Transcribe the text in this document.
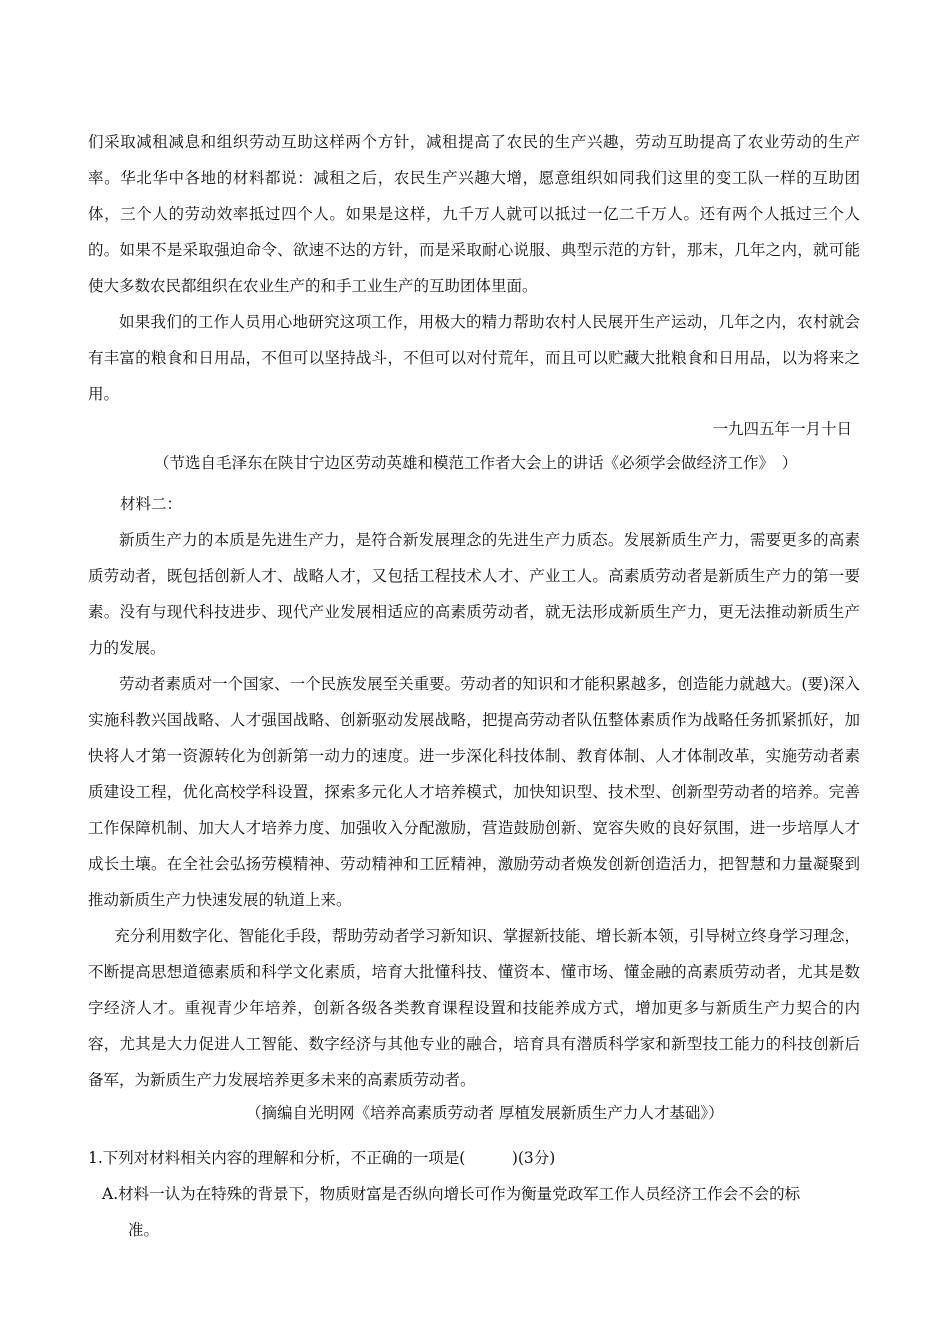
们采取减租减息和组织劳动互助这样两个方针，减租提高了农民的生产兴趣，劳动互助提高了农业劳动的生产率。华北华中各地的材料都说：减租之后，农民生产兴趣大增，愿意组织如同我们这里的变工队一样的互助团体，三个人的劳动效率抵过四个人。如果是这样，九千万人就可以抵过一亿二千万人。还有两个人抵过三个人的。如果不是采取强迫命令、欲速不达的方针，而是采取耐心说服、典型示范的方针，那末，几年之内，就可能使大多数农民都组织在农业生产的和手工业生产的互助团体里面。

如果我们的工作人员用心地研究这项工作，用极大的精力帮助农村人民展开生产运动，几年之内，农村就会有丰富的粮食和日用品，不但可以坚持战斗，不但可以对付荒年，而且可以贮藏大批粮食和日用品，以为将来之用。

一九四五年一月十日

（节选自毛泽东在陕甘宁边区劳动英雄和模范工作者大会上的讲话《必须学会做经济工作》　）

材料二：

新质生产力的本质是先进生产力，是符合新发展理念的先进生产力质态。发展新质生产力，需要更多的高素质劳动者，既包括创新人才、战略人才，又包括工程技术人才、产业工人。高素质劳动者是新质生产力的第一要素。没有与现代科技进步、现代产业发展相适应的高素质劳动者，就无法形成新质生产力，更无法推动新质生产力的发展。

劳动者素质对一个国家、一个民族发展至关重要。劳动者的知识和才能积累越多，创造能力就越大。(要)深入实施科教兴国战略、人才强国战略、创新驱动发展战略，把提高劳动者队伍整体素质作为战略任务抓紧抓好，加快将人才第一资源转化为创新第一动力的速度。进一步深化科技体制、教育体制、人才体制改革，实施劳动者素质建设工程，优化高校学科设置，探索多元化人才培养模式，加快知识型、技术型、创新型劳动者的培养。完善工作保障机制、加大人才培养力度、加强收入分配激励，营造鼓励创新、宽容失败的良好氛围，进一步培厚人才成长土壤。在全社会弘扬劳模精神、劳动精神和工匠精神，激励劳动者焕发创新创造活力，把智慧和力量凝聚到推动新质生产力快速发展的轨道上来。

充分利用数字化、智能化手段，帮助劳动者学习新知识、掌握新技能、增长新本领，引导树立终身学习理念，不断提高思想道德素质和科学文化素质，培育大批懂科技、懂资本、懂市场、懂金融的高素质劳动者，尤其是数字经济人才。重视青少年培养，创新各级各类教育课程设置和技能养成方式，增加更多与新质生产力契合的内容，尤其是大力促进人工智能、数字经济与其他专业的融合，培育具有潜质科学家和新型技工能力的科技创新后备军，为新质生产力发展培养更多未来的高素质劳动者。

（摘编自光明网《培养高素质劳动者 厚植发展新质生产力人才基础》）

1.下列对材料相关内容的理解和分析，不正确的一项是(　　　)(3分)

A.材料一认为在特殊的背景下，物质财富是否纵向增长可作为衡量党政军工作人员经济工作会不会的标

准。
